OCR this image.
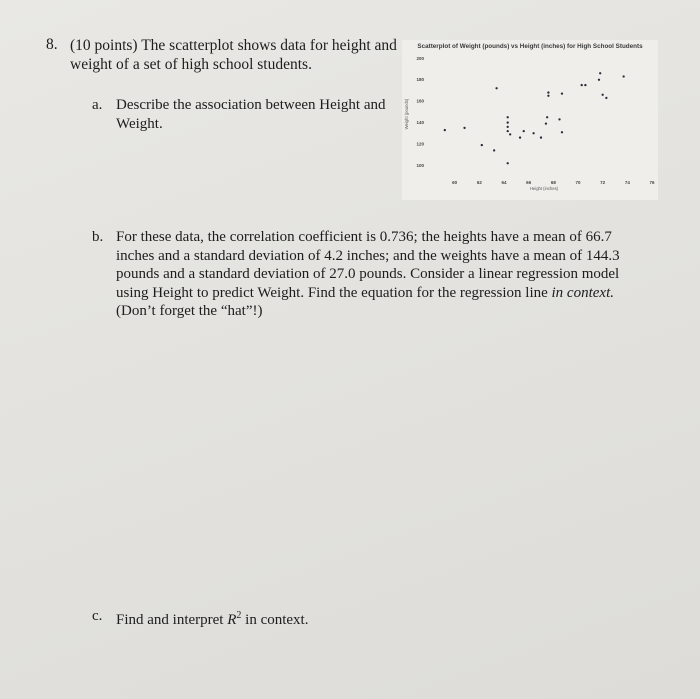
8. (10 points) The scatterplot shows data for height and weight of a set of high school students.
a. Describe the association between Height and Weight.
100
120
140
160
180
200
60	62	64	66	68	70	72	74	76
Height (inches)
Weight (pounds)
Scatterplot of Weight (pounds) vs Height (inches) for High School Students
b. For these data, the correlation coefficient is 0.736; the heights have a mean of 66.7 inches and a standard deviation of 4.2 inches; and the weights have a mean of 144.3 pounds and a standard deviation of 27.0 pounds. Consider a linear regression model using Height to predict Weight. Find the equation for the regression line in context. (Don’t forget the “hat”!)
c. Find and interpret $R^2$ in context.
